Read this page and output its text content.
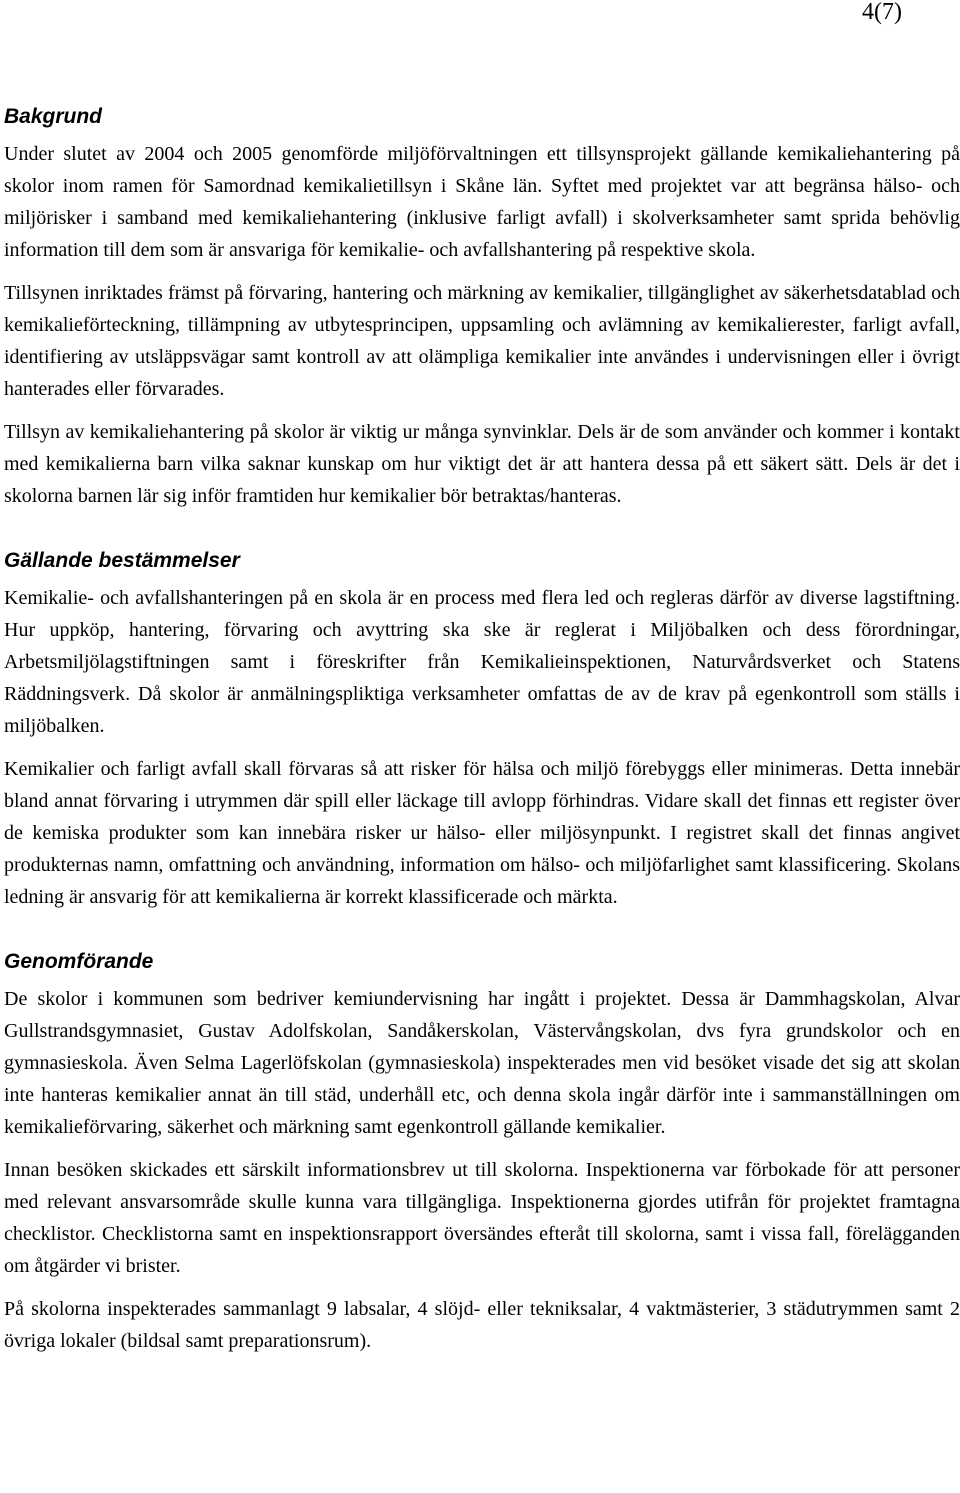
4(7)
Bakgrund

Under slutet av 2004 och 2005 genomförde miljöförvaltningen ett tillsynsprojekt gällande kemikaliehantering på skolor inom ramen för Samordnad kemikalietillsyn i Skåne län. Syftet med projektet var att begränsa hälso- och miljörisker i samband med kemikaliehantering (inklusive farligt avfall) i skolverksamheter samt sprida behövlig information till dem som är ansvariga för kemikalie- och avfallshantering på respektive skola.

Tillsynen inriktades främst på förvaring, hantering och märkning av kemikalier, tillgänglighet av säkerhetsdatablad och kemikalieförteckning, tillämpning av utbytesprincipen, uppsamling och avlämning av kemikalierester, farligt avfall, identifiering av utsläppsvägar samt kontroll av att olämpliga kemikalier inte användes i undervisningen eller i övrigt hanterades eller förvarades.

Tillsyn av kemikaliehantering på skolor är viktig ur många synvinklar. Dels är de som använder och kommer i kontakt med kemikalierna barn vilka saknar kunskap om hur viktigt det är att hantera dessa på ett säkert sätt. Dels är det i skolorna barnen lär sig inför framtiden hur kemikalier bör betraktas/hanteras.

Gällande bestämmelser

Kemikalie- och avfallshanteringen på en skola är en process med flera led och regleras därför av diverse lagstiftning. Hur uppköp, hantering, förvaring och avyttring ska ske är reglerat i Miljöbalken och dess förordningar, Arbetsmiljölagstiftningen samt i föreskrifter från Kemikalieinspektionen, Naturvårdsverket och Statens Räddningsverk. Då skolor är anmälningspliktiga verksamheter omfattas de av de krav på egenkontroll som ställs i miljöbalken.

Kemikalier och farligt avfall skall förvaras så att risker för hälsa och miljö förebyggs eller minimeras. Detta innebär bland annat förvaring i utrymmen där spill eller läckage till avlopp förhindras. Vidare skall det finnas ett register över de kemiska produkter som kan innebära risker ur hälso- eller miljösynpunkt. I registret skall det finnas angivet produkternas namn, omfattning och användning, information om hälso- och miljöfarlighet samt klassificering. Skolans ledning är ansvarig för att kemikalierna är korrekt klassificerade och märkta.

Genomförande

De skolor i kommunen som bedriver kemiundervisning har ingått i projektet. Dessa är Dammhagskolan, Alvar Gullstrandsgymnasiet, Gustav Adolfskolan, Sandåkerskolan, Västervångskolan, dvs fyra grundskolor och en gymnasieskola. Även Selma Lagerlöfskolan (gymnasieskola) inspekterades men vid besöket visade det sig att skolan inte hanteras kemikalier annat än till städ, underhåll etc, och denna skola ingår därför inte i sammanställningen om kemikalieförvaring, säkerhet och märkning samt egenkontroll gällande kemikalier.

Innan besöken skickades ett särskilt informationsbrev ut till skolorna. Inspektionerna var förbokade för att personer med relevant ansvarsområde skulle kunna vara tillgängliga. Inspektionerna gjordes utifrån för projektet framtagna checklistor. Checklistorna samt en inspektionsrapport översändes efteråt till skolorna, samt i vissa fall, förelägganden om åtgärder vi brister.

På skolorna inspekterades sammanlagt 9 labsalar, 4 slöjd- eller tekniksalar, 4 vaktmästerier, 3 städutrymmen samt 2 övriga lokaler (bildsal samt preparationsrum).
